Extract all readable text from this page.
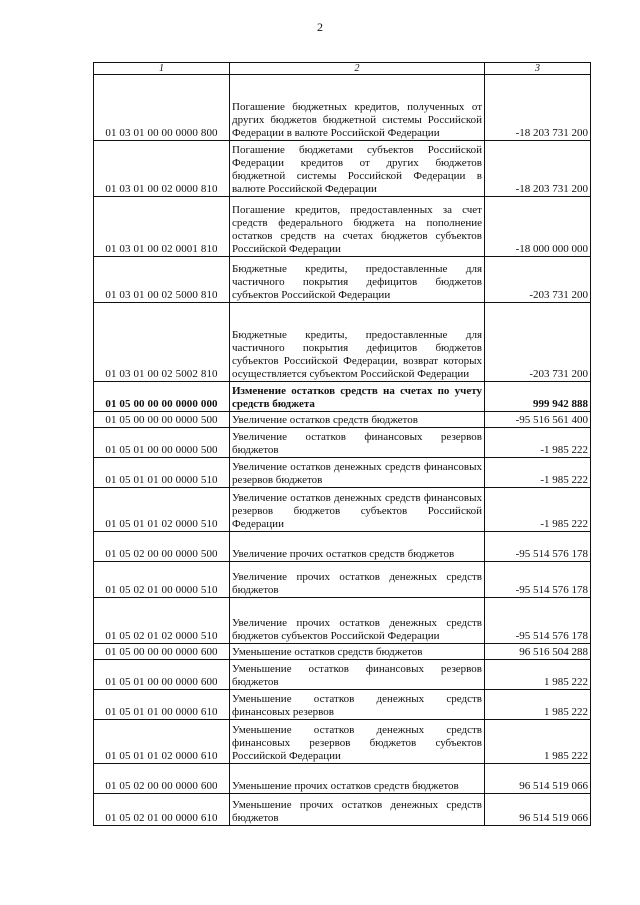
2
1	2	3
01 03 01 00 00 0000 800	Погашение бюджетных кредитов, полученных от других бюджетов бюджетной системы Российской Федерации в валюте Российской Федерации	-18 203 731 200
01 03 01 00 02 0000 810	Погашение бюджетами субъектов Российской Федерации кредитов от других бюджетов бюджетной системы Российской Федерации в валюте Российской Федерации	-18 203 731 200
01 03 01 00 02 0001 810	Погашение кредитов, предоставленных за счет средств федерального бюджета на пополнение остатков средств на счетах бюджетов субъектов Российской Федерации	-18 000 000 000
01 03 01 00 02 5000 810	Бюджетные кредиты, предоставленные для частичного покрытия дефицитов бюджетов субъектов Российской Федерации	-203 731 200
01 03 01 00 02 5002 810	Бюджетные кредиты, предоставленные для частичного покрытия дефицитов бюджетов субъектов Российской Федерации, возврат которых осуществляется субъектом Российской Федерации	-203 731 200
01 05 00 00 00 0000 000	Изменение остатков средств на счетах по учету средств бюджета	999 942 888
01 05 00 00 00 0000 500	Увеличение остатков средств бюджетов	-95 516 561 400
01 05 01 00 00 0000 500	Увеличение остатков финансовых резервов бюджетов	-1 985 222
01 05 01 01 00 0000 510	Увеличение остатков денежных средств финансовых резервов бюджетов	-1 985 222
01 05 01 01 02 0000 510	Увеличение остатков денежных средств финансовых резервов бюджетов субъектов Российской Федерации	-1 985 222
01 05 02 00 00 0000 500	Увеличение прочих остатков средств бюджетов	-95 514 576 178
01 05 02 01 00 0000 510	Увеличение прочих остатков денежных средств бюджетов	-95 514 576 178
01 05 02 01 02 0000 510	Увеличение прочих остатков денежных средств бюджетов субъектов Российской Федерации	-95 514 576 178
01 05 00 00 00 0000 600	Уменьшение остатков средств бюджетов	96 516 504 288
01 05 01 00 00 0000 600	Уменьшение остатков финансовых резервов бюджетов	1 985 222
01 05 01 01 00 0000 610	Уменьшение остатков денежных средств финансовых резервов	1 985 222
01 05 01 01 02 0000 610	Уменьшение остатков денежных средств финансовых резервов бюджетов субъектов Российской Федерации	1 985 222
01 05 02 00 00 0000 600	Уменьшение прочих остатков средств бюджетов	96 514 519 066
01 05 02 01 00 0000 610	Уменьшение прочих остатков денежных средств бюджетов	96 514 519 066
